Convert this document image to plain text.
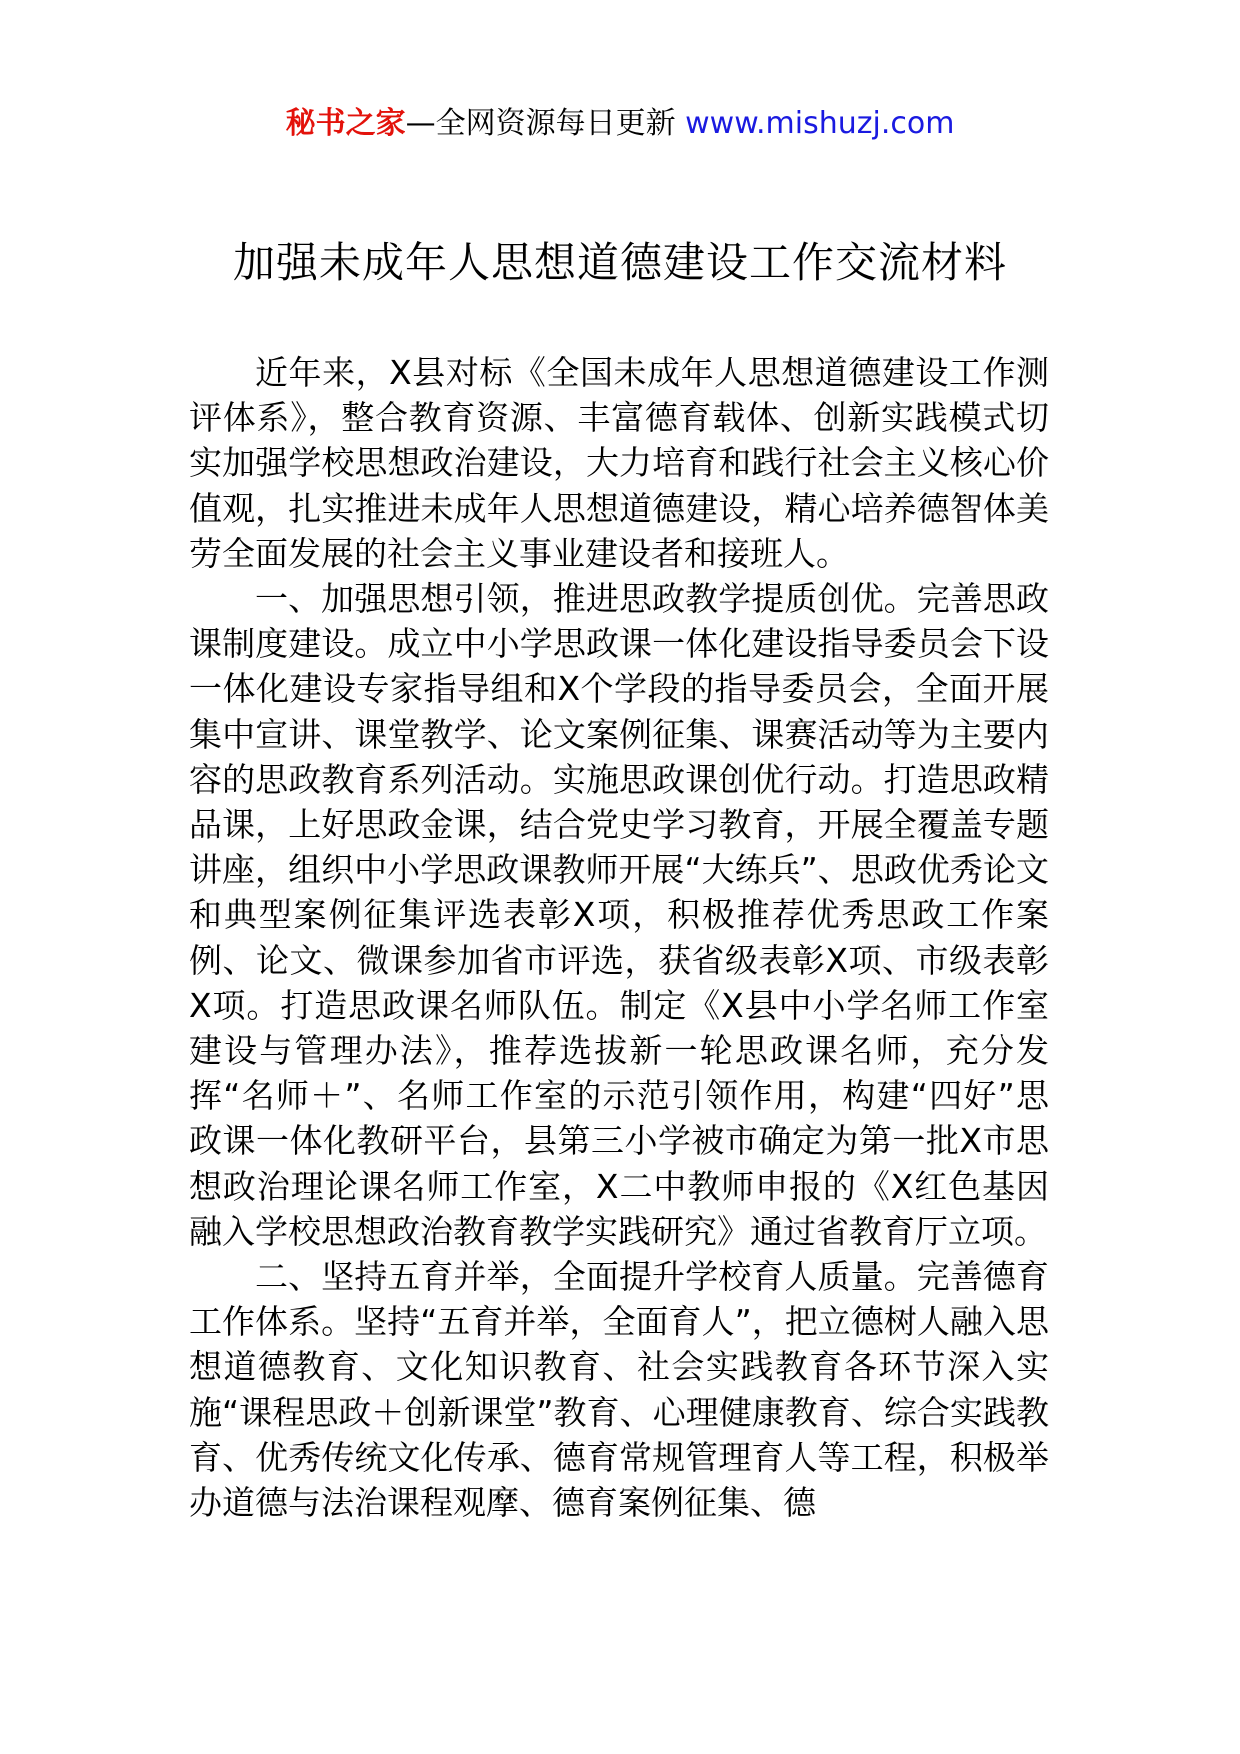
秘书之家—全网资源每日更新 www.mishuzj.com
加强未成年人思想道德建设工作交流材料

近年来，X县对标《全国未成年人思想道德建设工作测评体系》，整合教育资源、丰富德育载体、创新实践模式切实加强学校思想政治建设，大力培育和践行社会主义核心价值观，扎实推进未成年人思想道德建设，精心培养德智体美劳全面发展的社会主义事业建设者和接班人。

一、加强思想引领，推进思政教学提质创优。完善思政课制度建设。成立中小学思政课一体化建设指导委员会下设一体化建设专家指导组和X个学段的指导委员会，全面开展集中宣讲、课堂教学、论文案例征集、课赛活动等为主要内容的思政教育系列活动。实施思政课创优行动。打造思政精品课，上好思政金课，结合党史学习教育，开展全覆盖专题讲座，组织中小学思政课教师开展“大练兵”、思政优秀论文和典型案例征集评选表彰X项，积极推荐优秀思政工作案例、论文、微课参加省市评选，获省级表彰X项、市级表彰X项。打造思政课名师队伍。制定《X县中小学名师工作室建设与管理办法》，推荐选拔新一轮思政课名师，充分发挥“名师＋”、名师工作室的示范引领作用，构建“四好”思政课一体化教研平台，县第三小学被市确定为第一批X市思想政治理论课名师工作室，X二中教师申报的《X红色基因融入学校思想政治教育教学实践研究》通过省教育厅立项。

二、坚持五育并举，全面提升学校育人质量。完善德育工作体系。坚持“五育并举，全面育人”，把立德树人融入思想道德教育、文化知识教育、社会实践教育各环节深入实施“课程思政＋创新课堂”教育、心理健康教育、综合实践教育、优秀传统文化传承、德育常规管理育人等工程，积极举办道德与法治课程观摩、德育案例征集、德
